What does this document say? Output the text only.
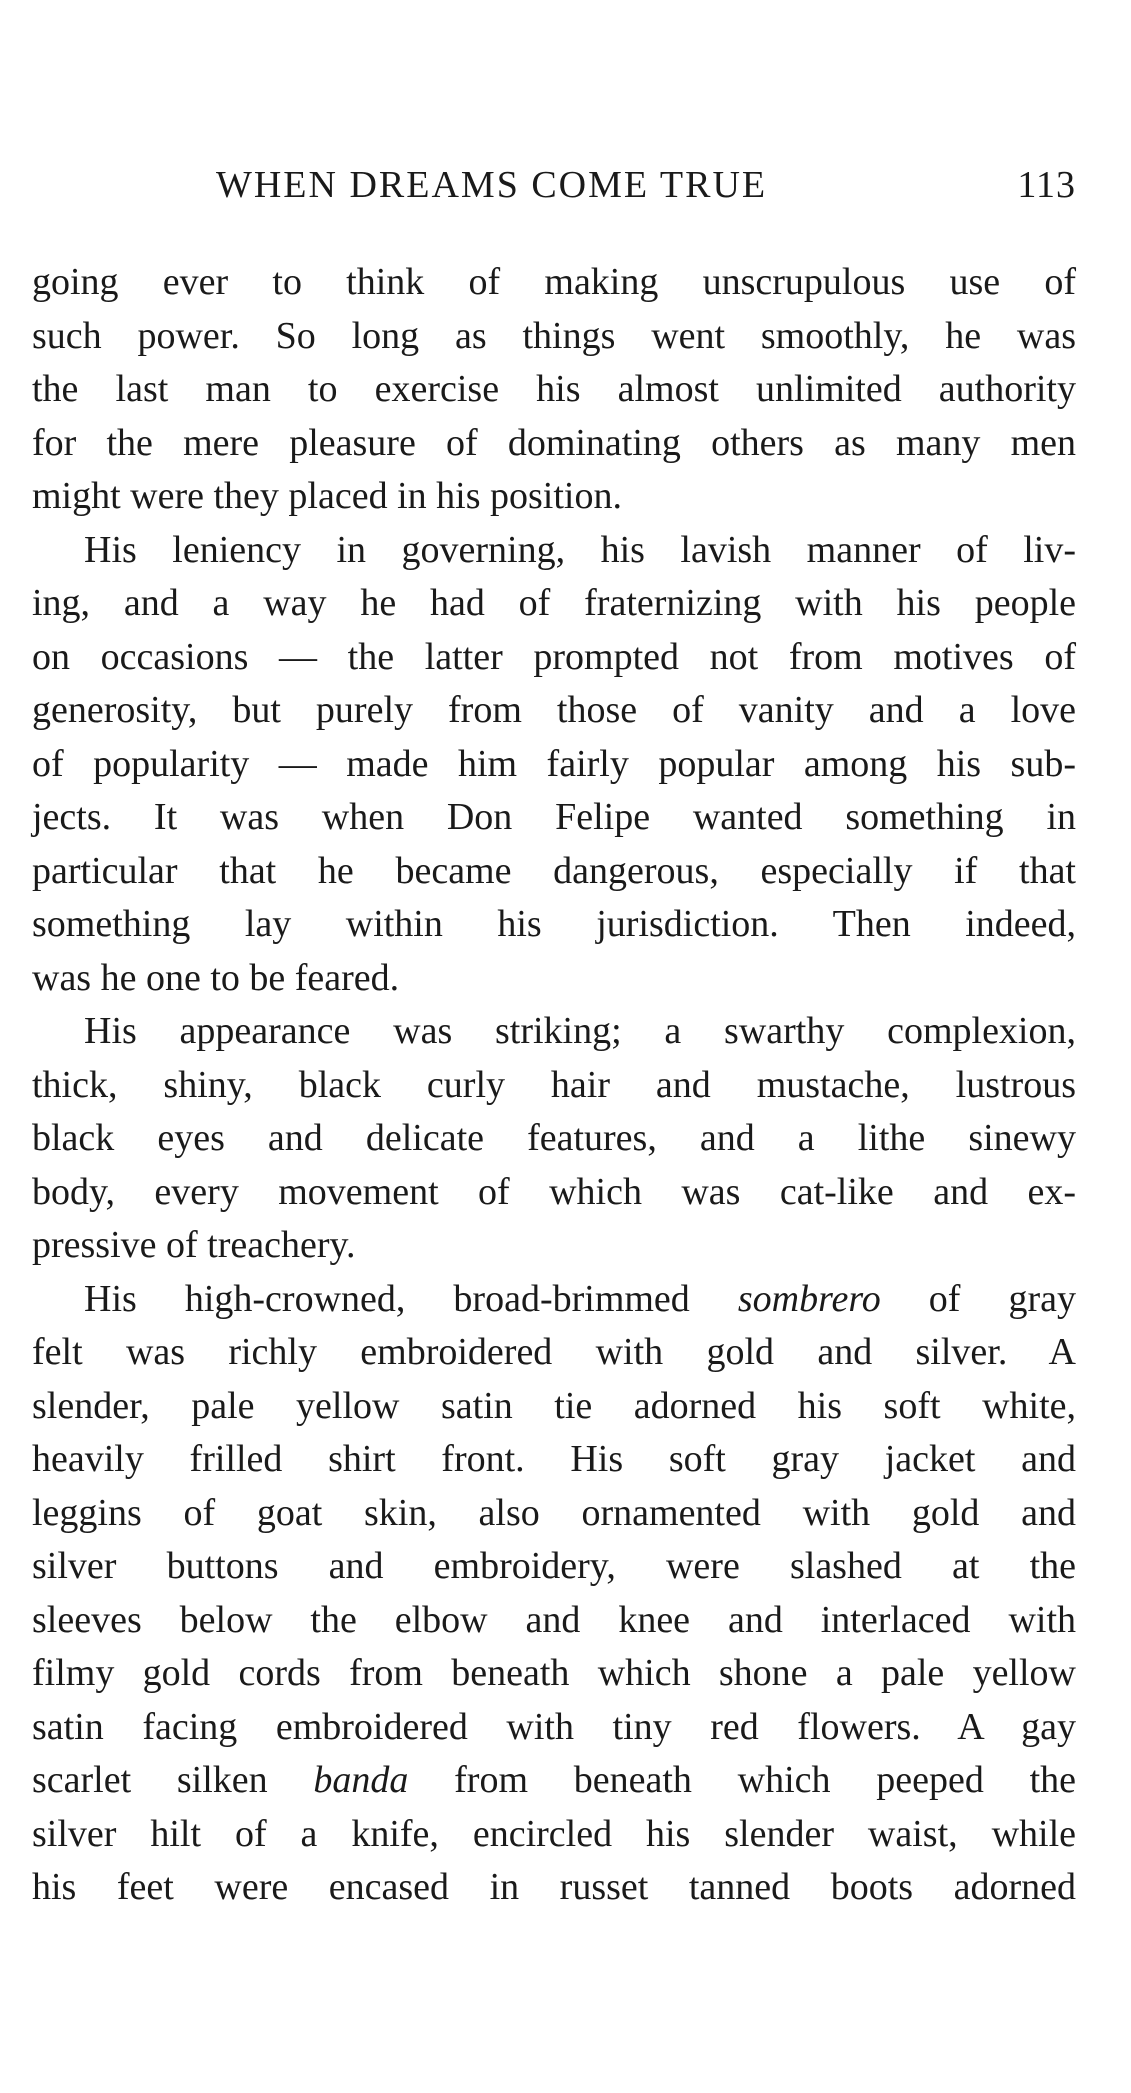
WHEN DREAMS COME TRUE	113
going ever to think of making unscrupulous use of
such power. So long as things went smoothly, he was
the last man to exercise his almost unlimited authority
for the mere pleasure of dominating others as many men
might were they placed in his position.
His leniency in governing, his lavish manner of liv-
ing, and a way he had of fraternizing with his people
on occasions — the latter prompted not from motives of
generosity, but purely from those of vanity and a love
of popularity — made him fairly popular among his sub-
jects. It was when Don Felipe wanted something in
particular that he became dangerous, especially if that
something lay within his jurisdiction. Then indeed,
was he one to be feared.
His appearance was striking; a swarthy complexion,
thick, shiny, black curly hair and mustache, lustrous
black eyes and delicate features, and a lithe sinewy
body, every movement of which was cat-like and ex-
pressive of treachery.
His high-crowned, broad-brimmed sombrero of gray
felt was richly embroidered with gold and silver. A
slender, pale yellow satin tie adorned his soft white,
heavily frilled shirt front. His soft gray jacket and
leggins of goat skin, also ornamented with gold and
silver buttons and embroidery, were slashed at the
sleeves below the elbow and knee and interlaced with
filmy gold cords from beneath which shone a pale yellow
satin facing embroidered with tiny red flowers. A gay
scarlet silken banda from beneath which peeped the
silver hilt of a knife, encircled his slender waist, while
his feet were encased in russet tanned boots adorned
